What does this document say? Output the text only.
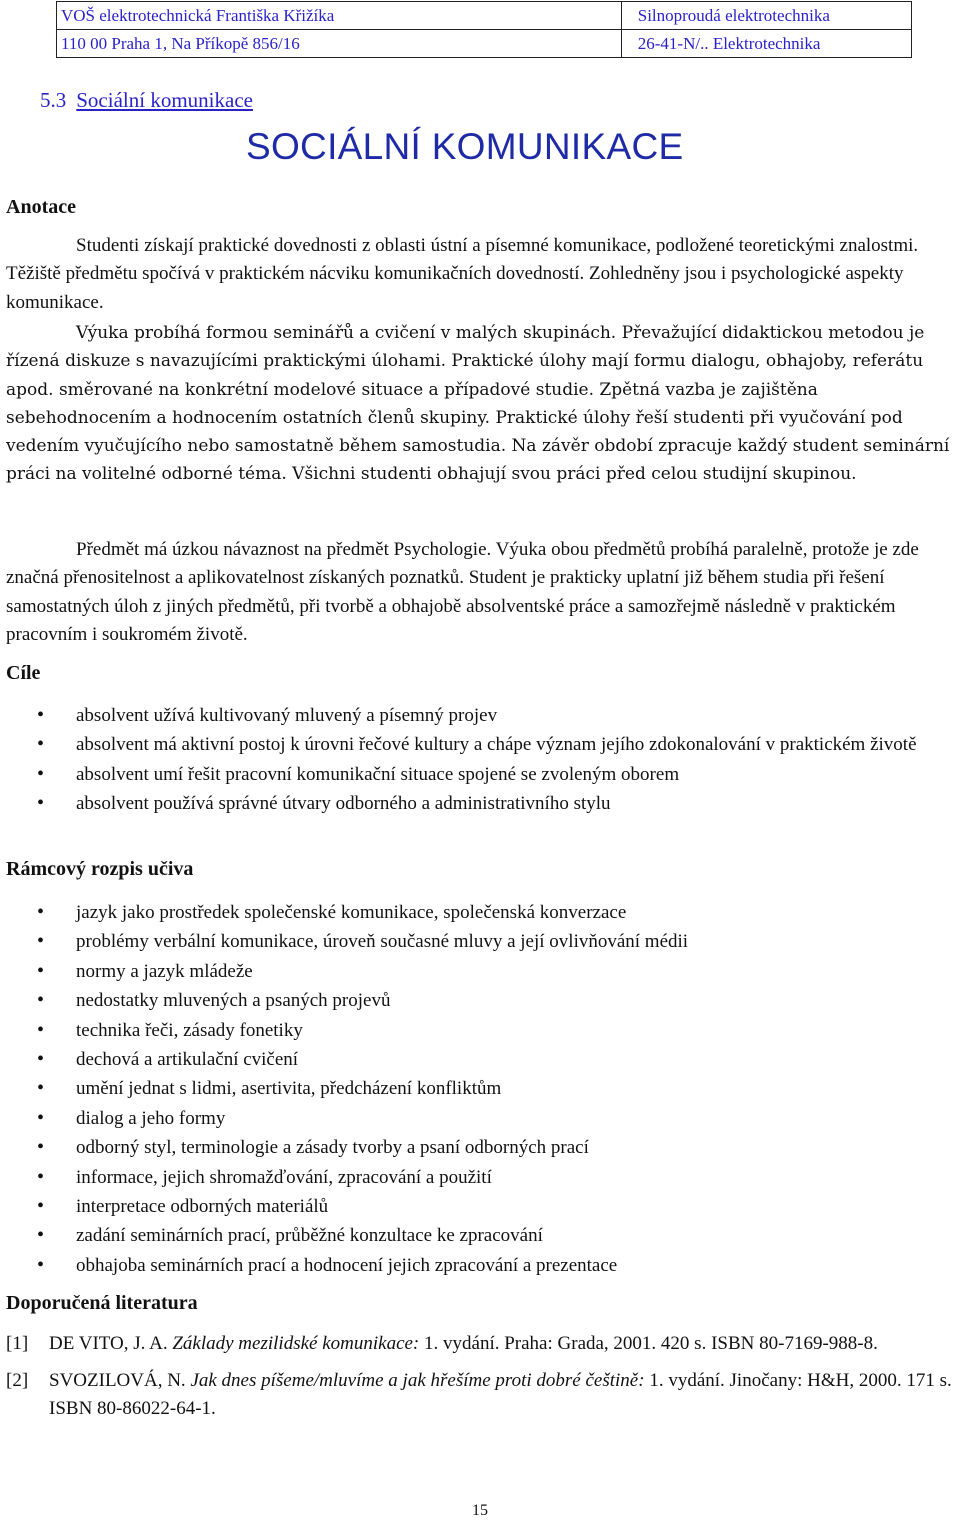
VOŠ elektrotechnická Františka Křižíka	Silnoproudá elektrotechnika
110 00 Praha 1, Na Příkopě 856/16	26-41-N/.. Elektrotechnika
5.3 Sociální komunikace
SOCIÁLNÍ KOMUNIKACE
Anotace

Studenti získají praktické dovednosti z oblasti ústní a písemné komunikace, podložené teoretickými znalostmi. Těžiště předmětu spočívá v praktickém nácviku komunikačních dovedností. Zohledněny jsou i psychologické aspekty komunikace.

Výuka probíhá formou seminářů a cvičení v malých skupinách. Převažující didaktickou metodou je řízená diskuze s navazujícími praktickými úlohami. Praktické úlohy mají formu dialogu, obhajoby, referátu apod. směrované na konkrétní modelové situace a případové studie. Zpětná vazba je zajištěna sebehodnocením a hodnocením ostatních členů skupiny. Praktické úlohy řeší studenti při vyučování pod vedením vyučujícího nebo samostatně během samostudia. Na závěr období zpracuje každý student seminární práci na volitelné odborné téma. Všichni studenti obhajují svou práci před celou studijní skupinou.

Předmět má úzkou návaznost na předmět Psychologie. Výuka obou předmětů probíhá paralelně, protože je zde značná přenositelnost a aplikovatelnost získaných poznatků. Student je prakticky uplatní již během studia při řešení samostatných úloh z jiných předmětů, při tvorbě a obhajobě absolventské práce a samozřejmě následně v praktickém pracovním i soukromém životě.

Cíle
• absolvent užívá kultivovaný mluvený a písemný projev
• absolvent má aktivní postoj k úrovni řečové kultury a chápe význam jejího zdokonalování v praktickém životě
• absolvent umí řešit pracovní komunikační situace spojené se zvoleným oborem
• absolvent používá správné útvary odborného a administrativního stylu
Rámcový rozpis učiva
• jazyk jako prostředek společenské komunikace, společenská konverzace
• problémy verbální komunikace, úroveň současné mluvy a její ovlivňování médii
• normy a jazyk mládeže
• nedostatky mluvených a psaných projevů
• technika řeči, zásady fonetiky
• dechová a artikulační cvičení
• umění jednat s lidmi, asertivita, předcházení konfliktům
• dialog a jeho formy
• odborný styl, terminologie a zásady tvorby a psaní odborných prací
• informace, jejich shromažďování, zpracování a použití
• interpretace odborných materiálů
• zadání seminárních prací, průběžné konzultace ke zpracování
• obhajoba seminárních prací a hodnocení jejich zpracování a prezentace
Doporučená literatura
[1] DE VITO, J. A. Základy mezilidské komunikace: 1. vydání. Praha: Grada, 2001. 420 s. ISBN 80-7169-988-8.
[2] SVOZILOVÁ, N. Jak dnes píšeme/mluvíme a jak hřešíme proti dobré češtině: 1. vydání. Jinočany: H&H, 2000. 171 s. ISBN 80-86022-64-1.
15
